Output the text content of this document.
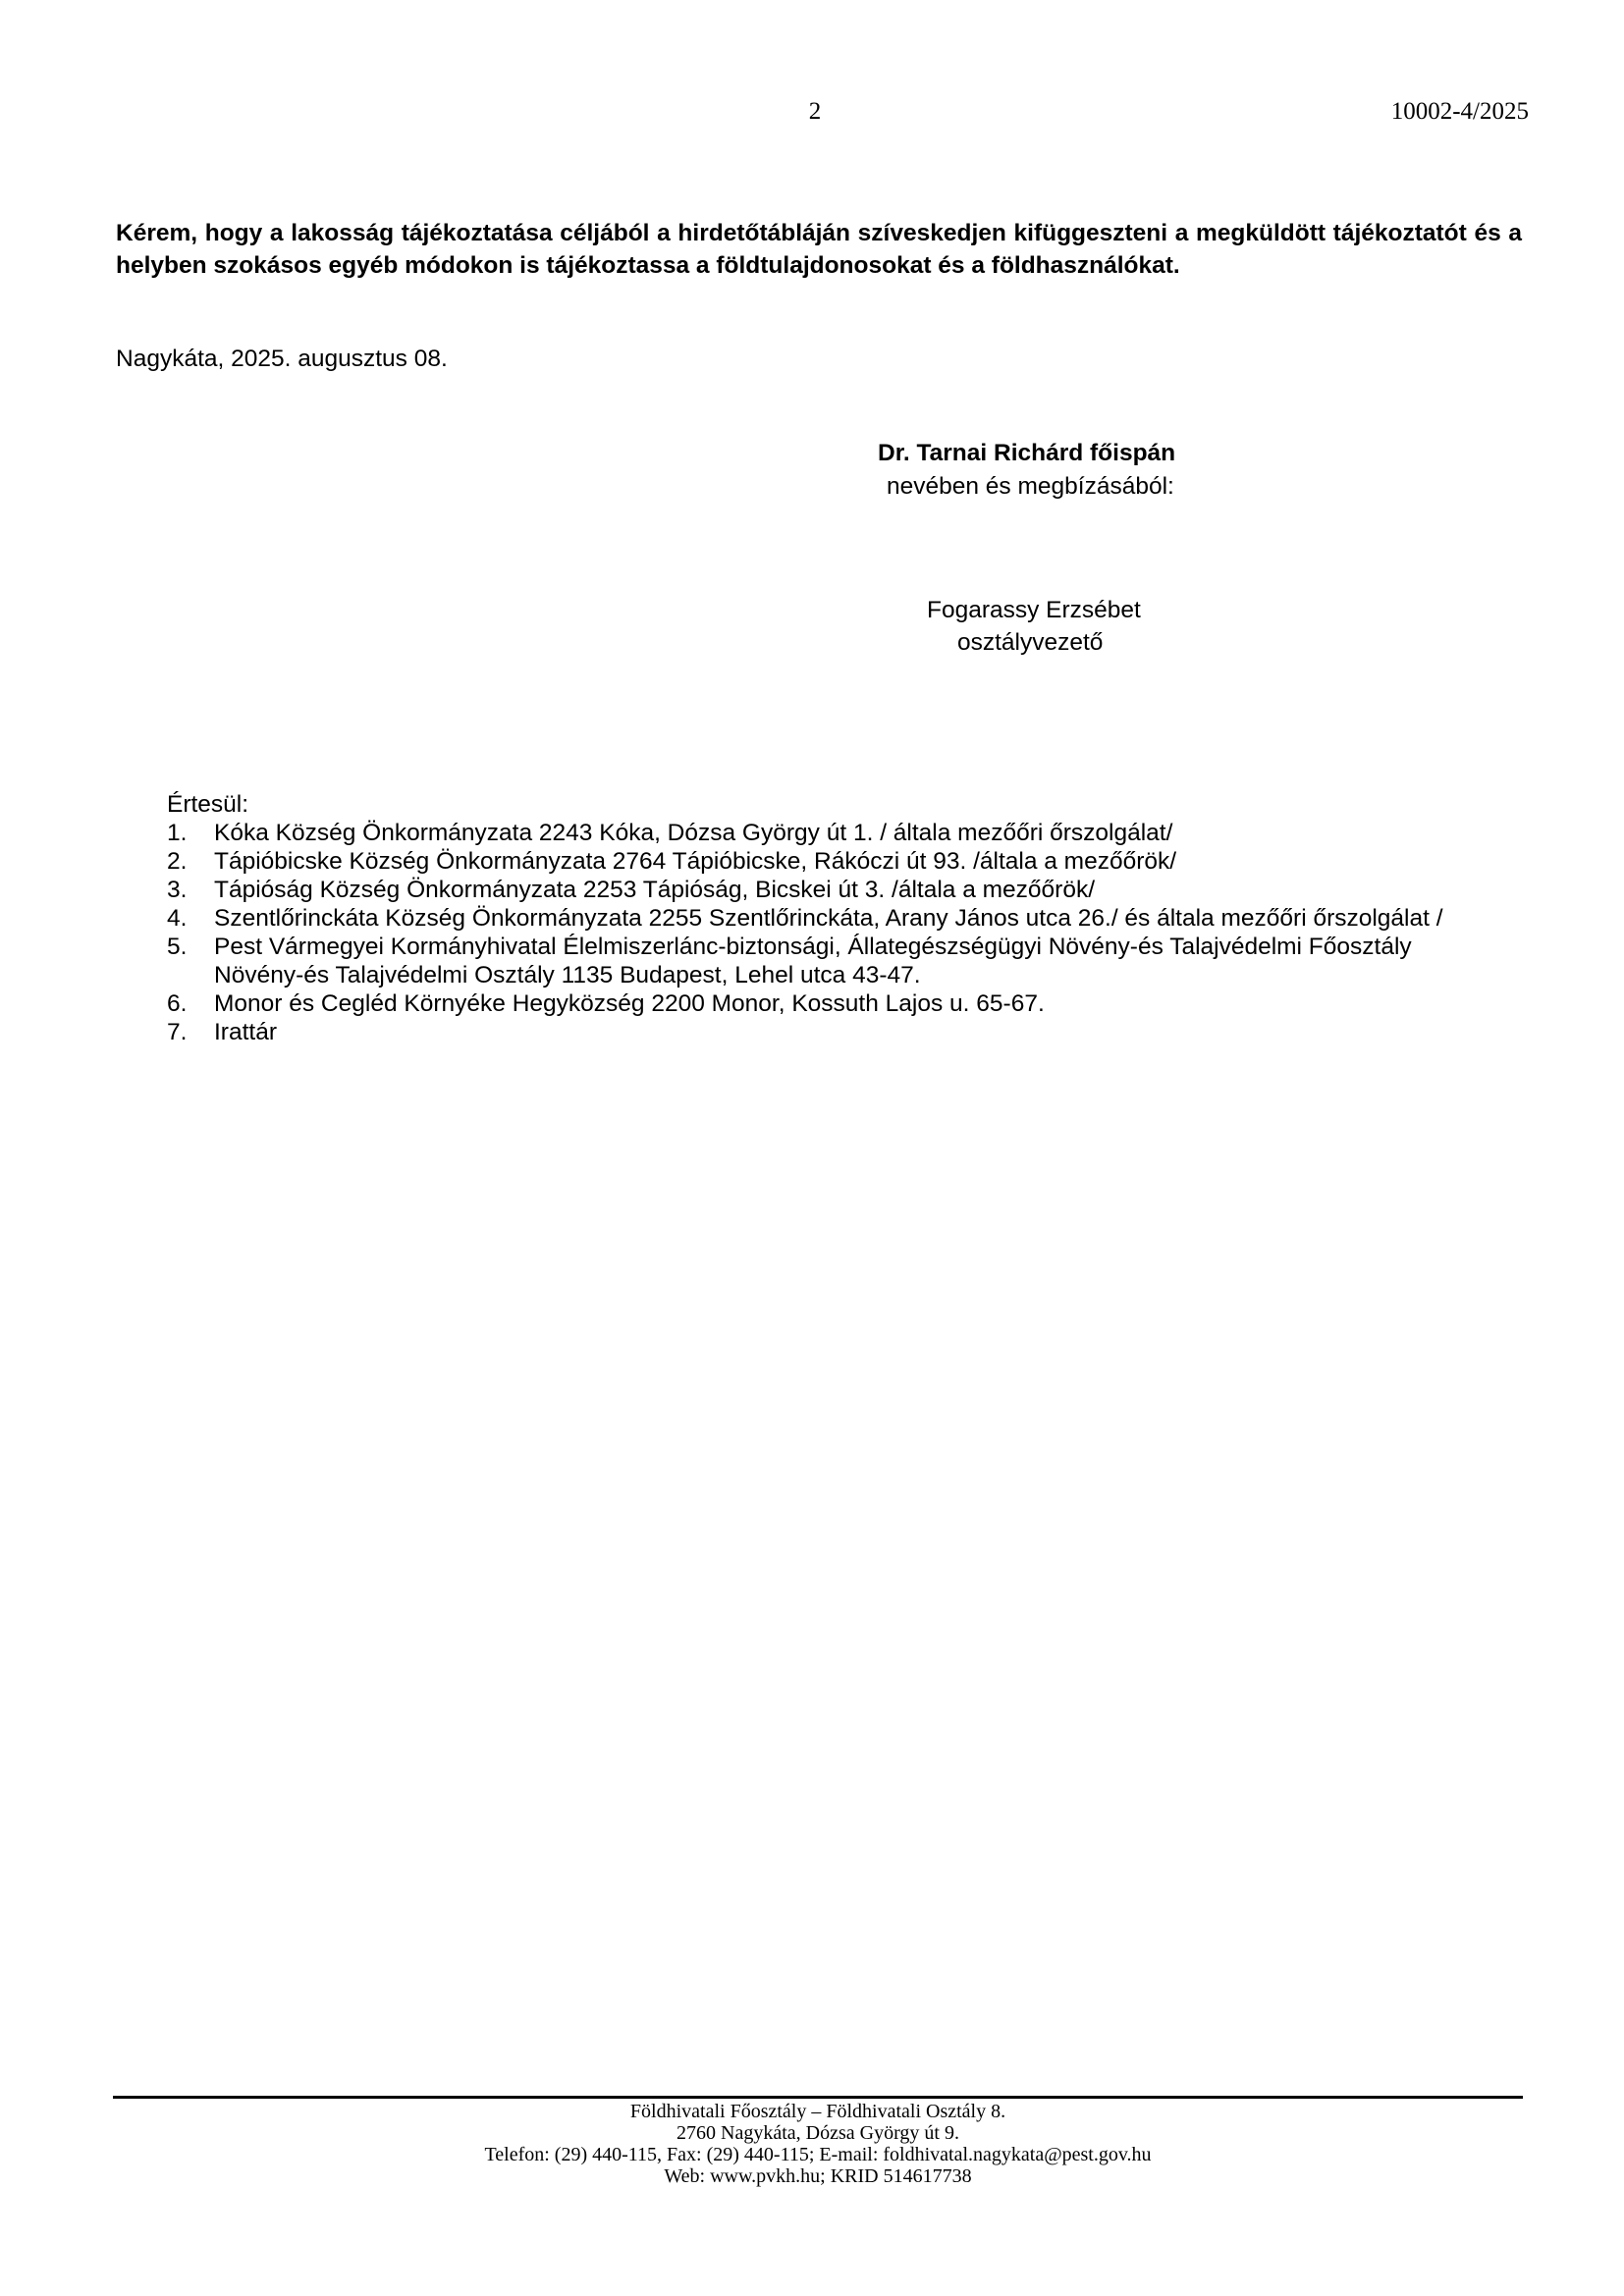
2	10002-4/2025

Kérem, hogy a lakosság tájékoztatása céljából a hirdetőtábláján szíveskedjen kifüggeszteni a megküldött tájékoztatót és a helyben szokásos egyéb módokon is tájékoztassa a földtulajdonosokat és a földhasználókat.

Nagykáta, 2025. augusztus 08.
Dr. Tarnai Richárd főispán
nevében és megbízásából:
Fogarassy Erzsébet
osztályvezető
Értesül:
1.	Kóka Község Önkormányzata 2243 Kóka, Dózsa György út 1. / általa mezőőri őrszolgálat/
2.	Tápióbicske Község Önkormányzata 2764 Tápióbicske, Rákóczi út 93. /általa a mezőőrök/
3.	Tápióság Község Önkormányzata 2253 Tápióság, Bicskei út 3. /általa a mezőőrök/
4.	Szentlőrinckáta Község Önkormányzata 2255 Szentlőrinckáta, Arany János utca 26./ és általa mezőőri őrszolgálat /
5.	Pest Vármegyei Kormányhivatal Élelmiszerlánc-biztonsági, Állategészségügyi Növény-és Talajvédelmi Főosztály Növény-és Talajvédelmi Osztály 1135 Budapest, Lehel utca 43-47.
6.	Monor és Cegléd Környéke Hegyközség 2200 Monor, Kossuth Lajos u. 65-67.
7.	Irattár
Földhivatali Főosztály – Földhivatali Osztály 8.
2760 Nagykáta, Dózsa György út 9.
Telefon: (29) 440-115, Fax: (29) 440-115; E-mail: foldhivatal.nagykata@pest.gov.hu
Web: www.pvkh.hu; KRID 514617738
